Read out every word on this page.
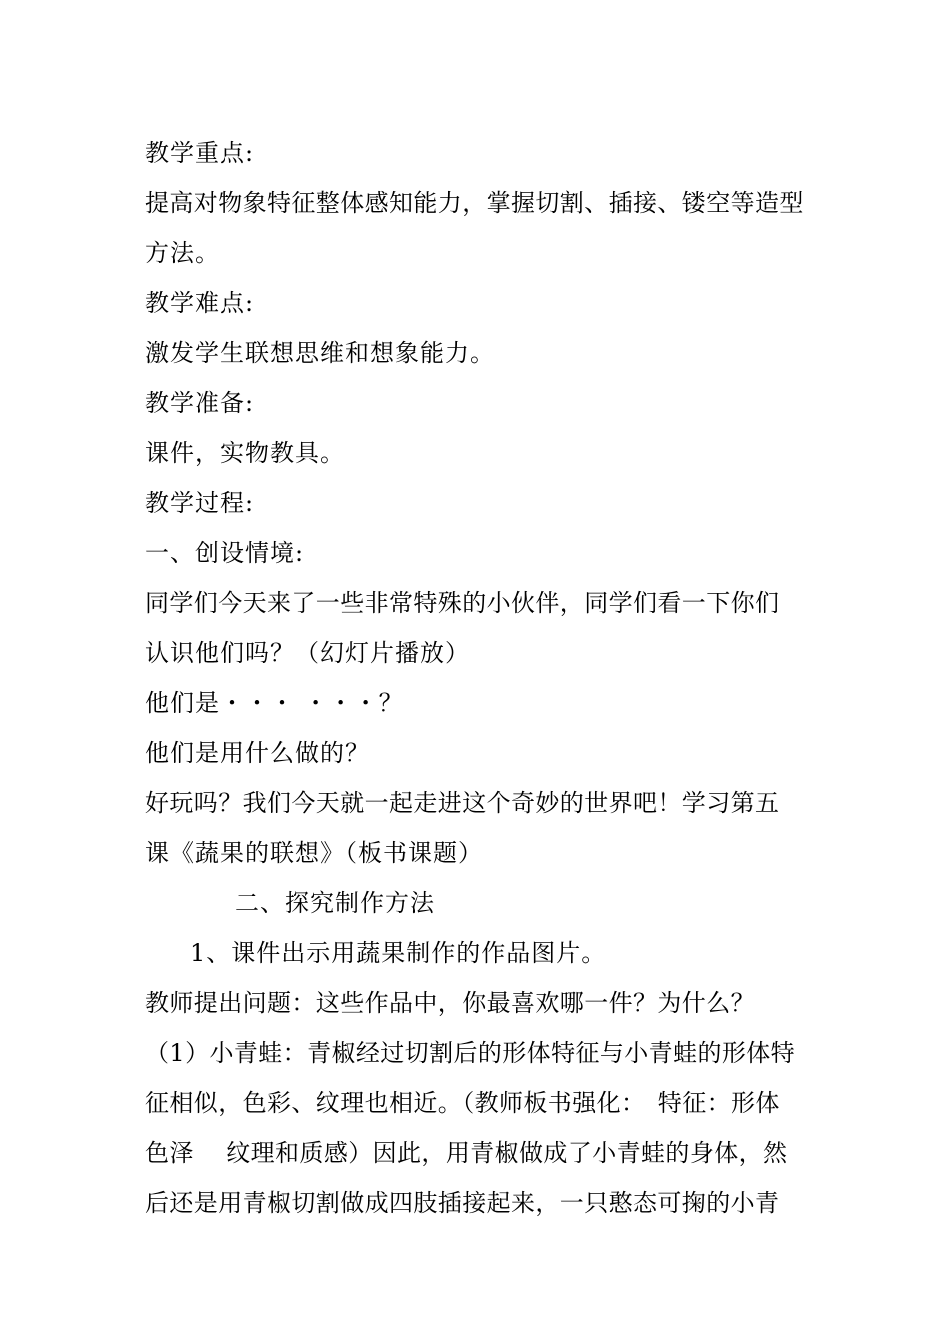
教学重点:
提高对物象特征整体感知能力，掌握切割、插接、镂空等造型
方法。
教学难点:
激发学生联想思维和想象能力。
教学准备:
课件，实物教具。
教学过程:
一、创设情境:
同学们今天来了一些非常特殊的小伙伴，同学们看一下你们
认识他们吗？（幻灯片播放）
他们是・・・ ・・・？
他们是用什么做的？
好玩吗？我们今天就一起走进这个奇妙的世界吧！学习第五
课《蔬果的联想》（板书课题）
二、探究制作方法
1、课件出示用蔬果制作的作品图片。
教师提出问题：这些作品中，你最喜欢哪一件？为什么？
（1）小青蛙：青椒经过切割后的形体特征与小青蛙的形体特
征相似，色彩、纹理也相近。（教师板书强化：　特征：形体
色泽　 纹理和质感）因此，用青椒做成了小青蛙的身体，然
后还是用青椒切割做成四肢插接起来，一只憨态可掬的小青
